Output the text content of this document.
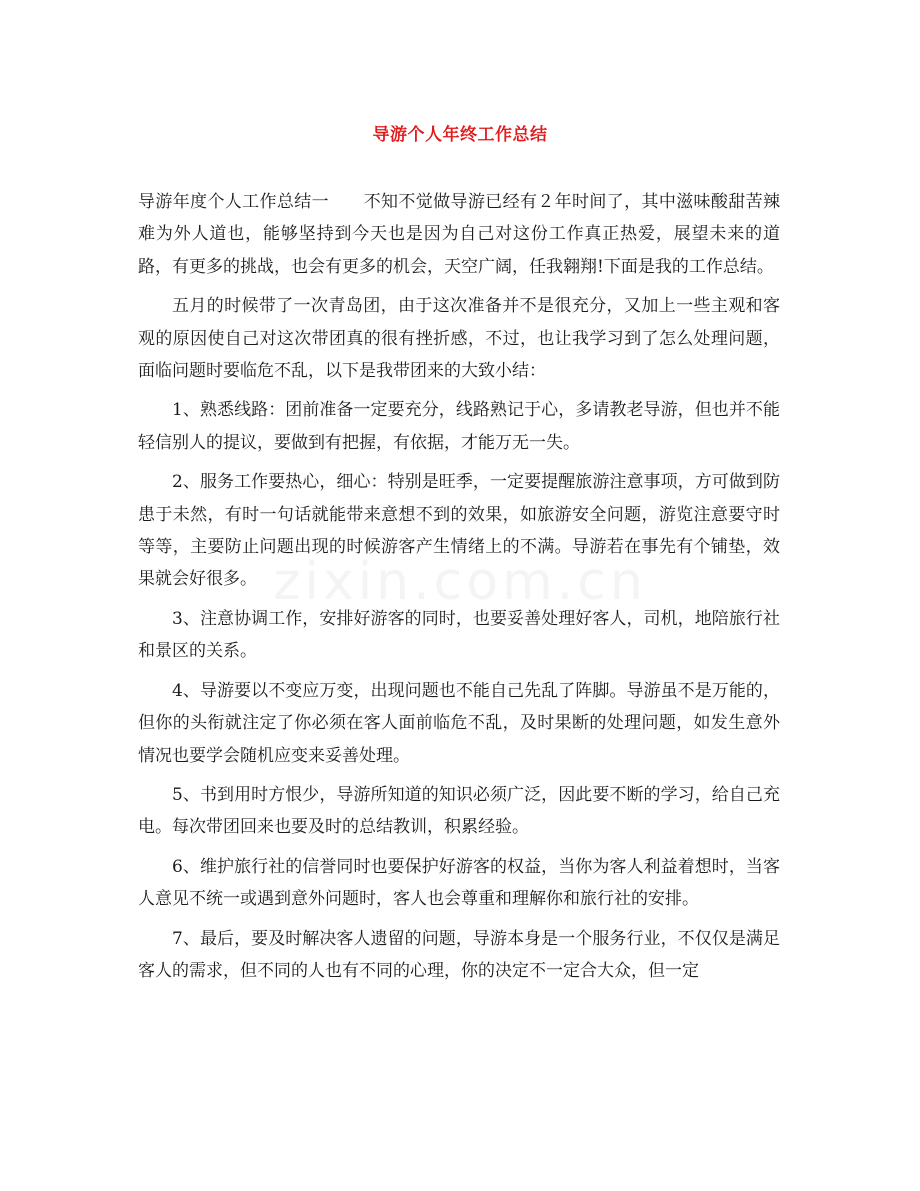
导游个人年终工作总结
zixin.com.cn

导游年度个人工作总结一　　不知不觉做导游已经有２年时间了，其中滋味酸甜苦辣难为外人道也，能够坚持到今天也是因为自己对这份工作真正热爱，展望未来的道路，有更多的挑战，也会有更多的机会，天空广阔，任我翱翔!下面是我的工作总结。

五月的时候带了一次青岛团，由于这次准备并不是很充分，又加上一些主观和客观的原因使自己对这次带团真的很有挫折感，不过，也让我学习到了怎么处理问题，面临问题时要临危不乱，以下是我带团来的大致小结：

1、熟悉线路：团前准备一定要充分，线路熟记于心，多请教老导游，但也并不能轻信别人的提议，要做到有把握，有依据，才能万无一失。

2、服务工作要热心，细心：特别是旺季，一定要提醒旅游注意事项，方可做到防患于未然，有时一句话就能带来意想不到的效果，如旅游安全问题，游览注意要守时等等，主要防止问题出现的时候游客产生情绪上的不满。导游若在事先有个铺垫，效果就会好很多。

3、注意协调工作，安排好游客的同时，也要妥善处理好客人，司机，地陪旅行社和景区的关系。

4、导游要以不变应万变，出现问题也不能自己先乱了阵脚。导游虽不是万能的，但你的头衔就注定了你必须在客人面前临危不乱，及时果断的处理问题，如发生意外情况也要学会随机应变来妥善处理。

5、书到用时方恨少，导游所知道的知识必须广泛，因此要不断的学习，给自己充电。每次带团回来也要及时的总结教训，积累经验。

6、维护旅行社的信誉同时也要保护好游客的权益，当你为客人利益着想时，当客人意见不统一或遇到意外问题时，客人也会尊重和理解你和旅行社的安排。

7、最后，要及时解决客人遗留的问题，导游本身是一个服务行业，不仅仅是满足客人的需求，但不同的人也有不同的心理，你的决定不一定合大众，但一定
